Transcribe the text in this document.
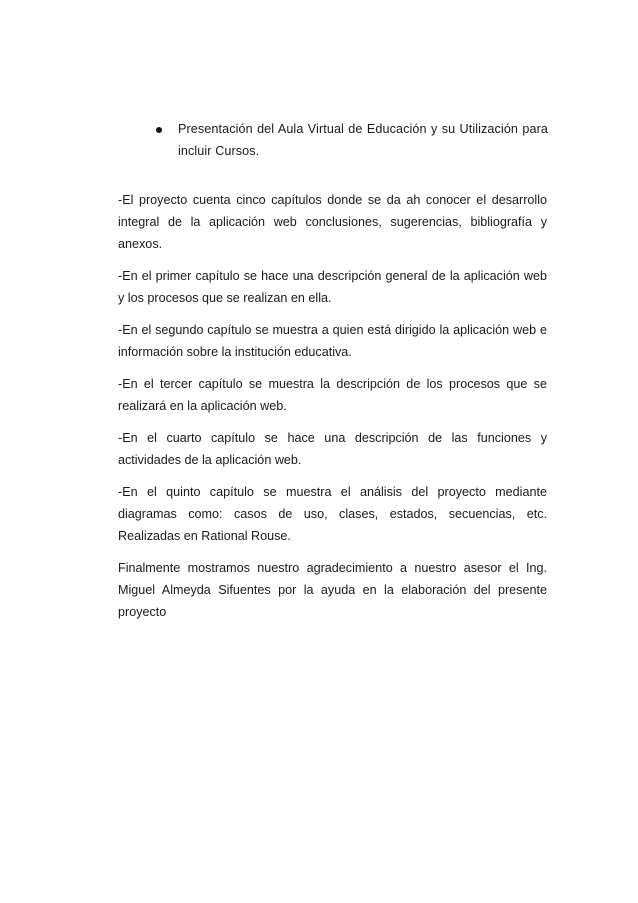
Presentación del Aula Virtual de Educación y su Utilización para incluir Cursos.

-El proyecto cuenta cinco capítulos donde se da ah conocer el desarrollo integral de la aplicación web conclusiones, sugerencias, bibliografía y anexos.

-En el primer capítulo se hace una descripción general de la aplicación web y los procesos que se realizan en ella.

-En el segundo capítulo se muestra a quien está dirigido la aplicación web e información sobre la institución educativa.

-En el tercer capítulo se muestra la descripción de los procesos que se realizará en la aplicación web.

-En el cuarto capítulo se hace una descripción de las funciones y actividades de la aplicación web.

-En el quinto capítulo se muestra el análisis del proyecto mediante diagramas como: casos de uso, clases, estados, secuencias, etc. Realizadas en Rational Rouse.

Finalmente mostramos nuestro agradecimiento a nuestro asesor el Ing. Miguel Almeyda Sifuentes por la ayuda en la elaboración del presente proyecto
